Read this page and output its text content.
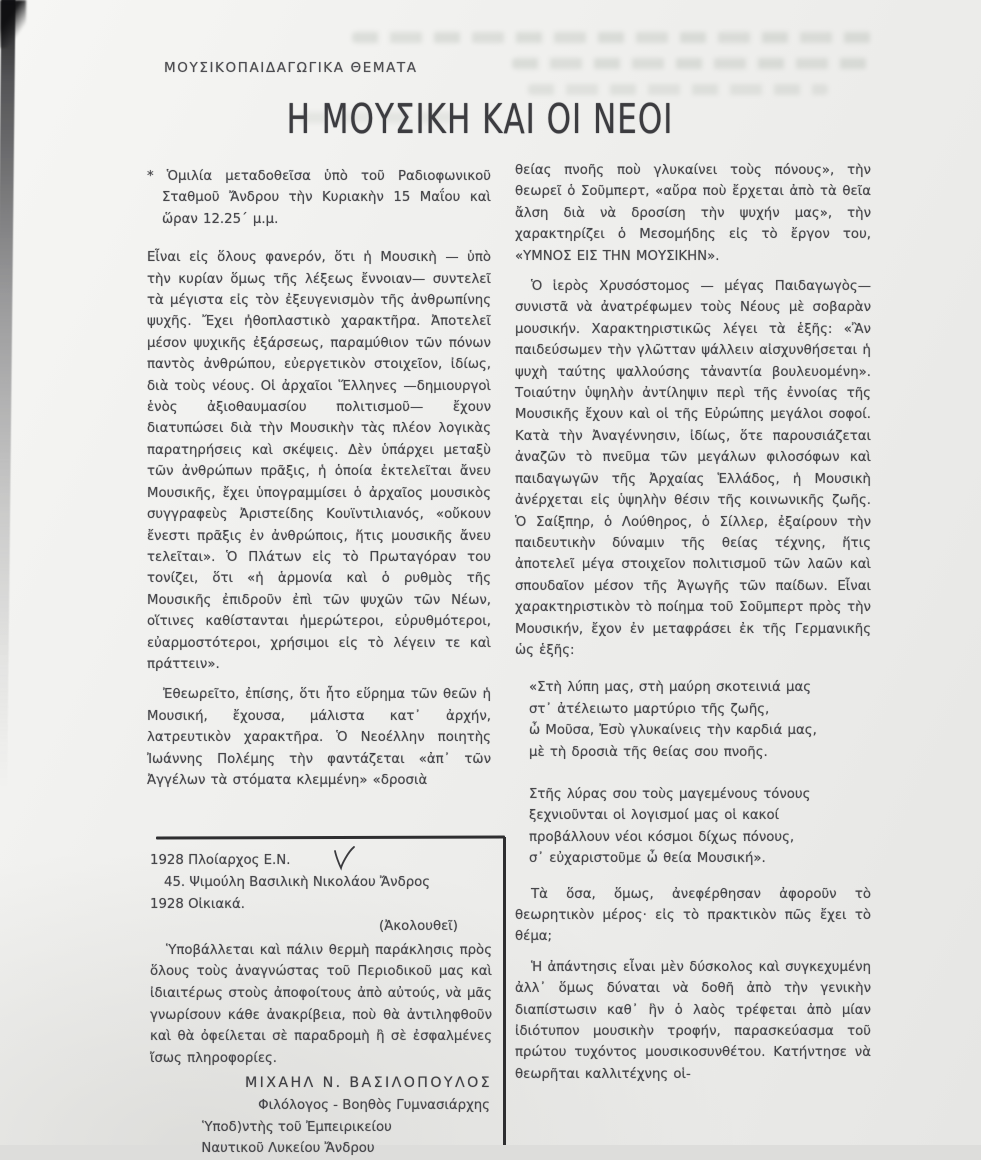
ΜΟΥΣΙΚΟΠΑΙΔΑΓΩΓΙΚΑ ΘΕΜΑΤΑ
Η ΜΟΥΣΙΚΗ ΚΑΙ ΟΙ ΝΕΟΙ

* Ὁμιλία μεταδοθεῖσα ὑπὸ τοῦ Ραδιοφωνικοῦ Σταθμοῦ Ἄνδρου τὴν Κυριακὴν 15 Μαΐου καὶ ὥραν 12.25΄ μ.μ.

Εἶναι εἰς ὅλους φανερόν, ὅτι ἡ Μουσικὴ — ὑπὸ τὴν κυρίαν ὅμως τῆς λέξεως ἔννοιαν— συντελεῖ τὰ μέγιστα εἰς τὸν ἐξευγενισμὸν τῆς ἀνθρωπίνης ψυχῆς. Ἔχει ἠθοπλαστικὸ χαρακτῆρα. Ἀποτελεῖ μέσον ψυχικῆς ἐξάρσεως, παραμύθιον τῶν πόνων παντὸς ἀνθρώπου, εὐεργετικὸν στοιχεῖον, ἰδίως, διὰ τοὺς νέους. Οἱ ἀρχαῖοι Ἕλληνες —δημιουργοὶ ἑνὸς ἀξιοθαυμασίου πολιτισμοῦ— ἔχουν διατυπώσει διὰ τὴν Μουσικὴν τὰς πλέον λογικὰς παρατηρήσεις καὶ σκέψεις. Δὲν ὑπάρχει μεταξὺ τῶν ἀνθρώπων πρᾶξις, ἡ ὁποία ἐκτελεῖται ἄνευ Μουσικῆς, ἔχει ὑπογραμμίσει ὁ ἀρχαῖος μουσικὸς συγγραφεὺς Ἀριστείδης Κουϊντιλιανός, «οὔκουν ἔνεστι πρᾶξις ἐν ἀνθρώποις, ἥτις μουσικῆς ἄνευ τελεῖται». Ὁ Πλάτων εἰς τὸ Πρωταγόραν του τονίζει, ὅτι «ἡ ἁρμονία καὶ ὁ ρυθμὸς τῆς Μουσικῆς ἐπιδροῦν ἐπὶ τῶν ψυχῶν τῶν Νέων, οἵτινες καθίστανται ἡμερώτεροι, εὐρυθμότεροι, εὐαρμοστότεροι, χρήσιμοι εἰς τὸ λέγειν τε καὶ πράττειν».

Ἐθεωρεῖτο, ἐπίσης, ὅτι ἦτο εὕρημα τῶν θεῶν ἡ Μουσική, ἔχουσα, μάλιστα κατ᾽ ἀρχήν, λατρευτικὸν χαρακτῆρα. Ὁ Νεοέλλην ποιητὴς Ἰωάννης Πολέμης τὴν φαντάζεται «ἀπ᾽ τῶν Ἀγγέλων τὰ στόματα κλεμμένη» «δροσιὰ

1928 Πλοίαρχος Ε.Ν.
45. Ψιμούλη Βασιλικὴ Νικολάου Ἄνδρος
1928 Οἰκιακά.
(Ἀκολουθεῖ)

Ὑποβάλλεται καὶ πάλιν θερμὴ παράκλησις πρὸς ὅλους τοὺς ἀναγνώστας τοῦ Περιοδικοῦ μας καὶ ἰδιαιτέρως στοὺς ἀποφοίτους ἀπὸ αὐτούς, νὰ μᾶς γνωρίσουν κάθε ἀνακρίβεια, ποὺ θὰ ἀντιληφθοῦν καὶ θὰ ὀφείλεται σὲ παραδρομὴ ἢ σὲ ἐσφαλμένες ἴσως πληροφορίες.

ΜΙΧΑΗΛ Ν. ΒΑΣΙΛΟΠΟΥΛΟΣ
Φιλόλογος - Βοηθὸς Γυμνασιάρχης
Ὑποδ)ντὴς τοῦ Ἐμπειρικείου
Ναυτικοῦ Λυκείου Ἄνδρου

θείας πνοῆς ποὺ γλυκαίνει τοὺς πόνους», τὴν θεωρεῖ ὁ Σοῦμπερτ, «αὔρα ποὺ ἔρχεται ἀπὸ τὰ θεῖα ἄλση διὰ νὰ δροσίση τὴν ψυχήν μας», τὴν χαρακτηρίζει ὁ Μεσομήδης εἰς τὸ ἔργον του, «ΥΜΝΟΣ ΕΙΣ ΤΗΝ ΜΟΥΣΙΚΗΝ».

Ὁ ἱερὸς Χρυσόστομος — μέγας Παιδαγωγὸς— συνιστᾶ νὰ ἀνατρέφωμεν τοὺς Νέους μὲ σοβαρὰν μουσικήν. Χαρακτηριστικῶς λέγει τὰ ἑξῆς: «Ἂν παιδεύσωμεν τὴν γλῶτταν ψάλλειν αἰσχυνθήσεται ἡ ψυχὴ ταύτης ψαλλούσης τἀναντία βουλευομένη». Τοιαύτην ὑψηλὴν ἀντίληψιν περὶ τῆς ἐννοίας τῆς Μουσικῆς ἔχουν καὶ οἱ τῆς Εὐρώπης μεγάλοι σοφοί. Κατὰ τὴν Ἀναγέννησιν, ἰδίως, ὅτε παρουσιάζεται ἀναζῶν τὸ πνεῦμα τῶν μεγάλων φιλοσόφων καὶ παιδαγωγῶν τῆς Ἀρχαίας Ἑλλάδος, ἡ Μουσικὴ ἀνέρχεται εἰς ὑψηλὴν θέσιν τῆς κοινωνικῆς ζωῆς. Ὁ Σαίξπηρ, ὁ Λούθηρος, ὁ Σίλλερ, ἐξαίρουν τὴν παιδευτικὴν δύναμιν τῆς θείας τέχνης, ἥτις ἀποτελεῖ μέγα στοιχεῖον πολιτισμοῦ τῶν λαῶν καὶ σπουδαῖον μέσον τῆς Ἀγωγῆς τῶν παίδων. Εἶναι χαρακτηριστικὸν τὸ ποίημα τοῦ Σοῦμπερτ πρὸς τὴν Μουσικήν, ἔχον ἐν μεταφράσει ἐκ τῆς Γερμανικῆς ὡς ἑξῆς:

«Στὴ λύπη μας, στὴ μαύρη σκοτεινιά μας
στ᾽ ἀτέλειωτο μαρτύριο τῆς ζωῆς,
ὦ Μοῦσα, Ἐσὺ γλυκαίνεις τὴν καρδιά μας,
μὲ τὴ δροσιὰ τῆς θείας σου πνοῆς.
Στῆς λύρας σου τοὺς μαγεμένους τόνους
ξεχνιοῦνται οἱ λογισμοί μας οἱ κακοί
προβάλλουν νέοι κόσμοι δίχως πόνους,
σ᾽ εὐχαριστοῦμε ὦ θεία Μουσική».

Τὰ ὅσα, ὅμως, ἀνεφέρθησαν ἀφοροῦν τὸ θεωρητικὸν μέρος· εἰς τὸ πρακτικὸν πῶς ἔχει τὸ θέμα;

Ἡ ἀπάντησις εἶναι μὲν δύσκολος καὶ συγκεχυμένη ἀλλ᾽ ὅμως δύναται νὰ δοθῆ ἀπὸ τὴν γενικὴν διαπίστωσιν καθ᾽ ἣν ὁ λαὸς τρέφεται ἀπὸ μίαν ἰδιότυπον μουσικὴν τροφήν, παρασκεύασμα τοῦ πρώτου τυχόντος μουσικοσυνθέτου. Κατήντησε νὰ θεωρῆται καλλιτέχνης οἱ-
